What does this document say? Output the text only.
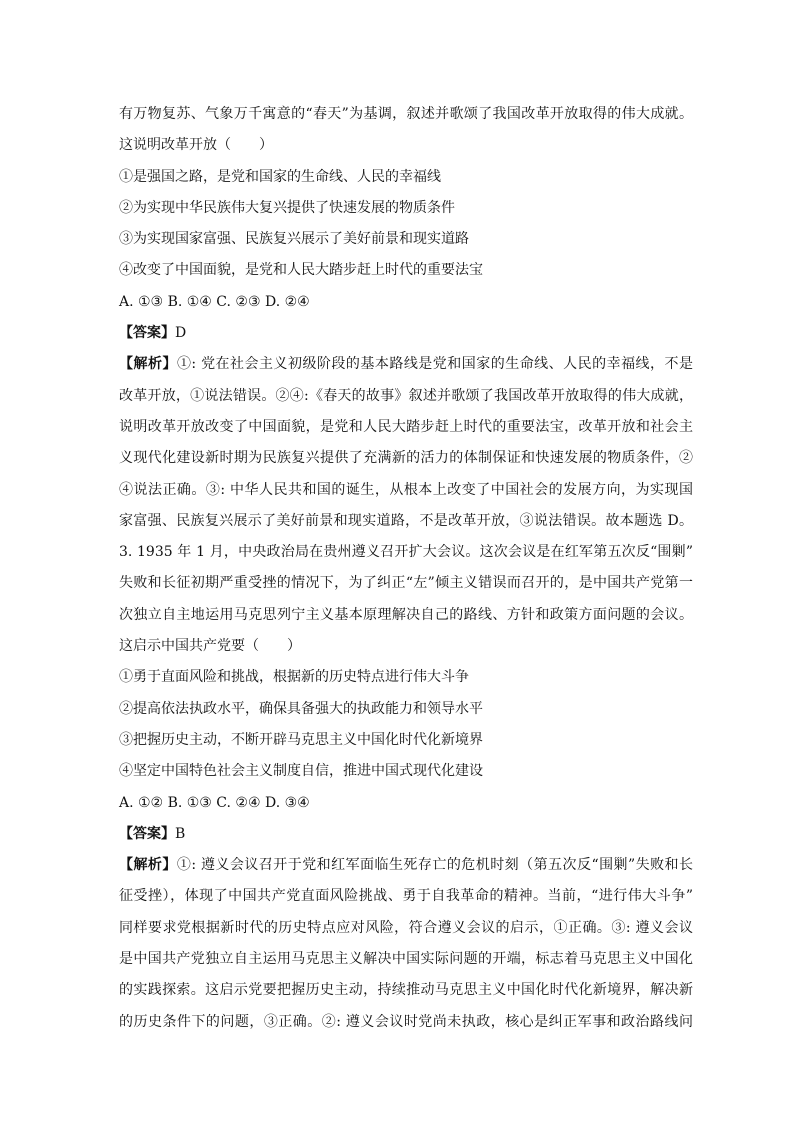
有万物复苏、气象万千寓意的“春天”为基调，叙述并歌颂了我国改革开放取得的伟大成就。
这说明改革开放（　　）
①是强国之路，是党和国家的生命线、人民的幸福线
②为实现中华民族伟大复兴提供了快速发展的物质条件
③为实现国家富强、民族复兴展示了美好前景和现实道路
④改变了中国面貌，是党和人民大踏步赶上时代的重要法宝
A. ①③ B. ①④ C. ②③ D. ②④
【答案】D
【解析】①: 党在社会主义初级阶段的基本路线是党和国家的生命线、人民的幸福线，不是
改革开放，①说法错误。②④:《春天的故事》叙述并歌颂了我国改革开放取得的伟大成就，
说明改革开放改变了中国面貌，是党和人民大踏步赶上时代的重要法宝，改革开放和社会主
义现代化建设新时期为民族复兴提供了充满新的活力的体制保证和快速发展的物质条件，②
④说法正确。③: 中华人民共和国的诞生，从根本上改变了中国社会的发展方向，为实现国
家富强、民族复兴展示了美好前景和现实道路，不是改革开放，③说法错误。故本题选 D。
3. 1935 年 1 月，中央政治局在贵州遵义召开扩大会议。这次会议是在红军第五次反“围剿”
失败和长征初期严重受挫的情况下，为了纠正“左”倾主义错误而召开的，是中国共产党第一
次独立自主地运用马克思列宁主义基本原理解决自己的路线、方针和政策方面问题的会议。
这启示中国共产党要（　　）
①勇于直面风险和挑战，根据新的历史特点进行伟大斗争
②提高依法执政水平，确保具备强大的执政能力和领导水平
③把握历史主动，不断开辟马克思主义中国化时代化新境界
④坚定中国特色社会主义制度自信，推进中国式现代化建设
A. ①② B. ①③ C. ②④ D. ③④
【答案】B
【解析】①: 遵义会议召开于党和红军面临生死存亡的危机时刻（第五次反“围剿”失败和长
征受挫），体现了中国共产党直面风险挑战、勇于自我革命的精神。当前，“进行伟大斗争”
同样要求党根据新时代的历史特点应对风险，符合遵义会议的启示，①正确。③: 遵义会议
是中国共产党独立自主运用马克思主义解决中国实际问题的开端，标志着马克思主义中国化
的实践探索。这启示党要把握历史主动，持续推动马克思主义中国化时代化新境界，解决新
的历史条件下的问题，③正确。②: 遵义会议时党尚未执政，核心是纠正军事和政治路线问
